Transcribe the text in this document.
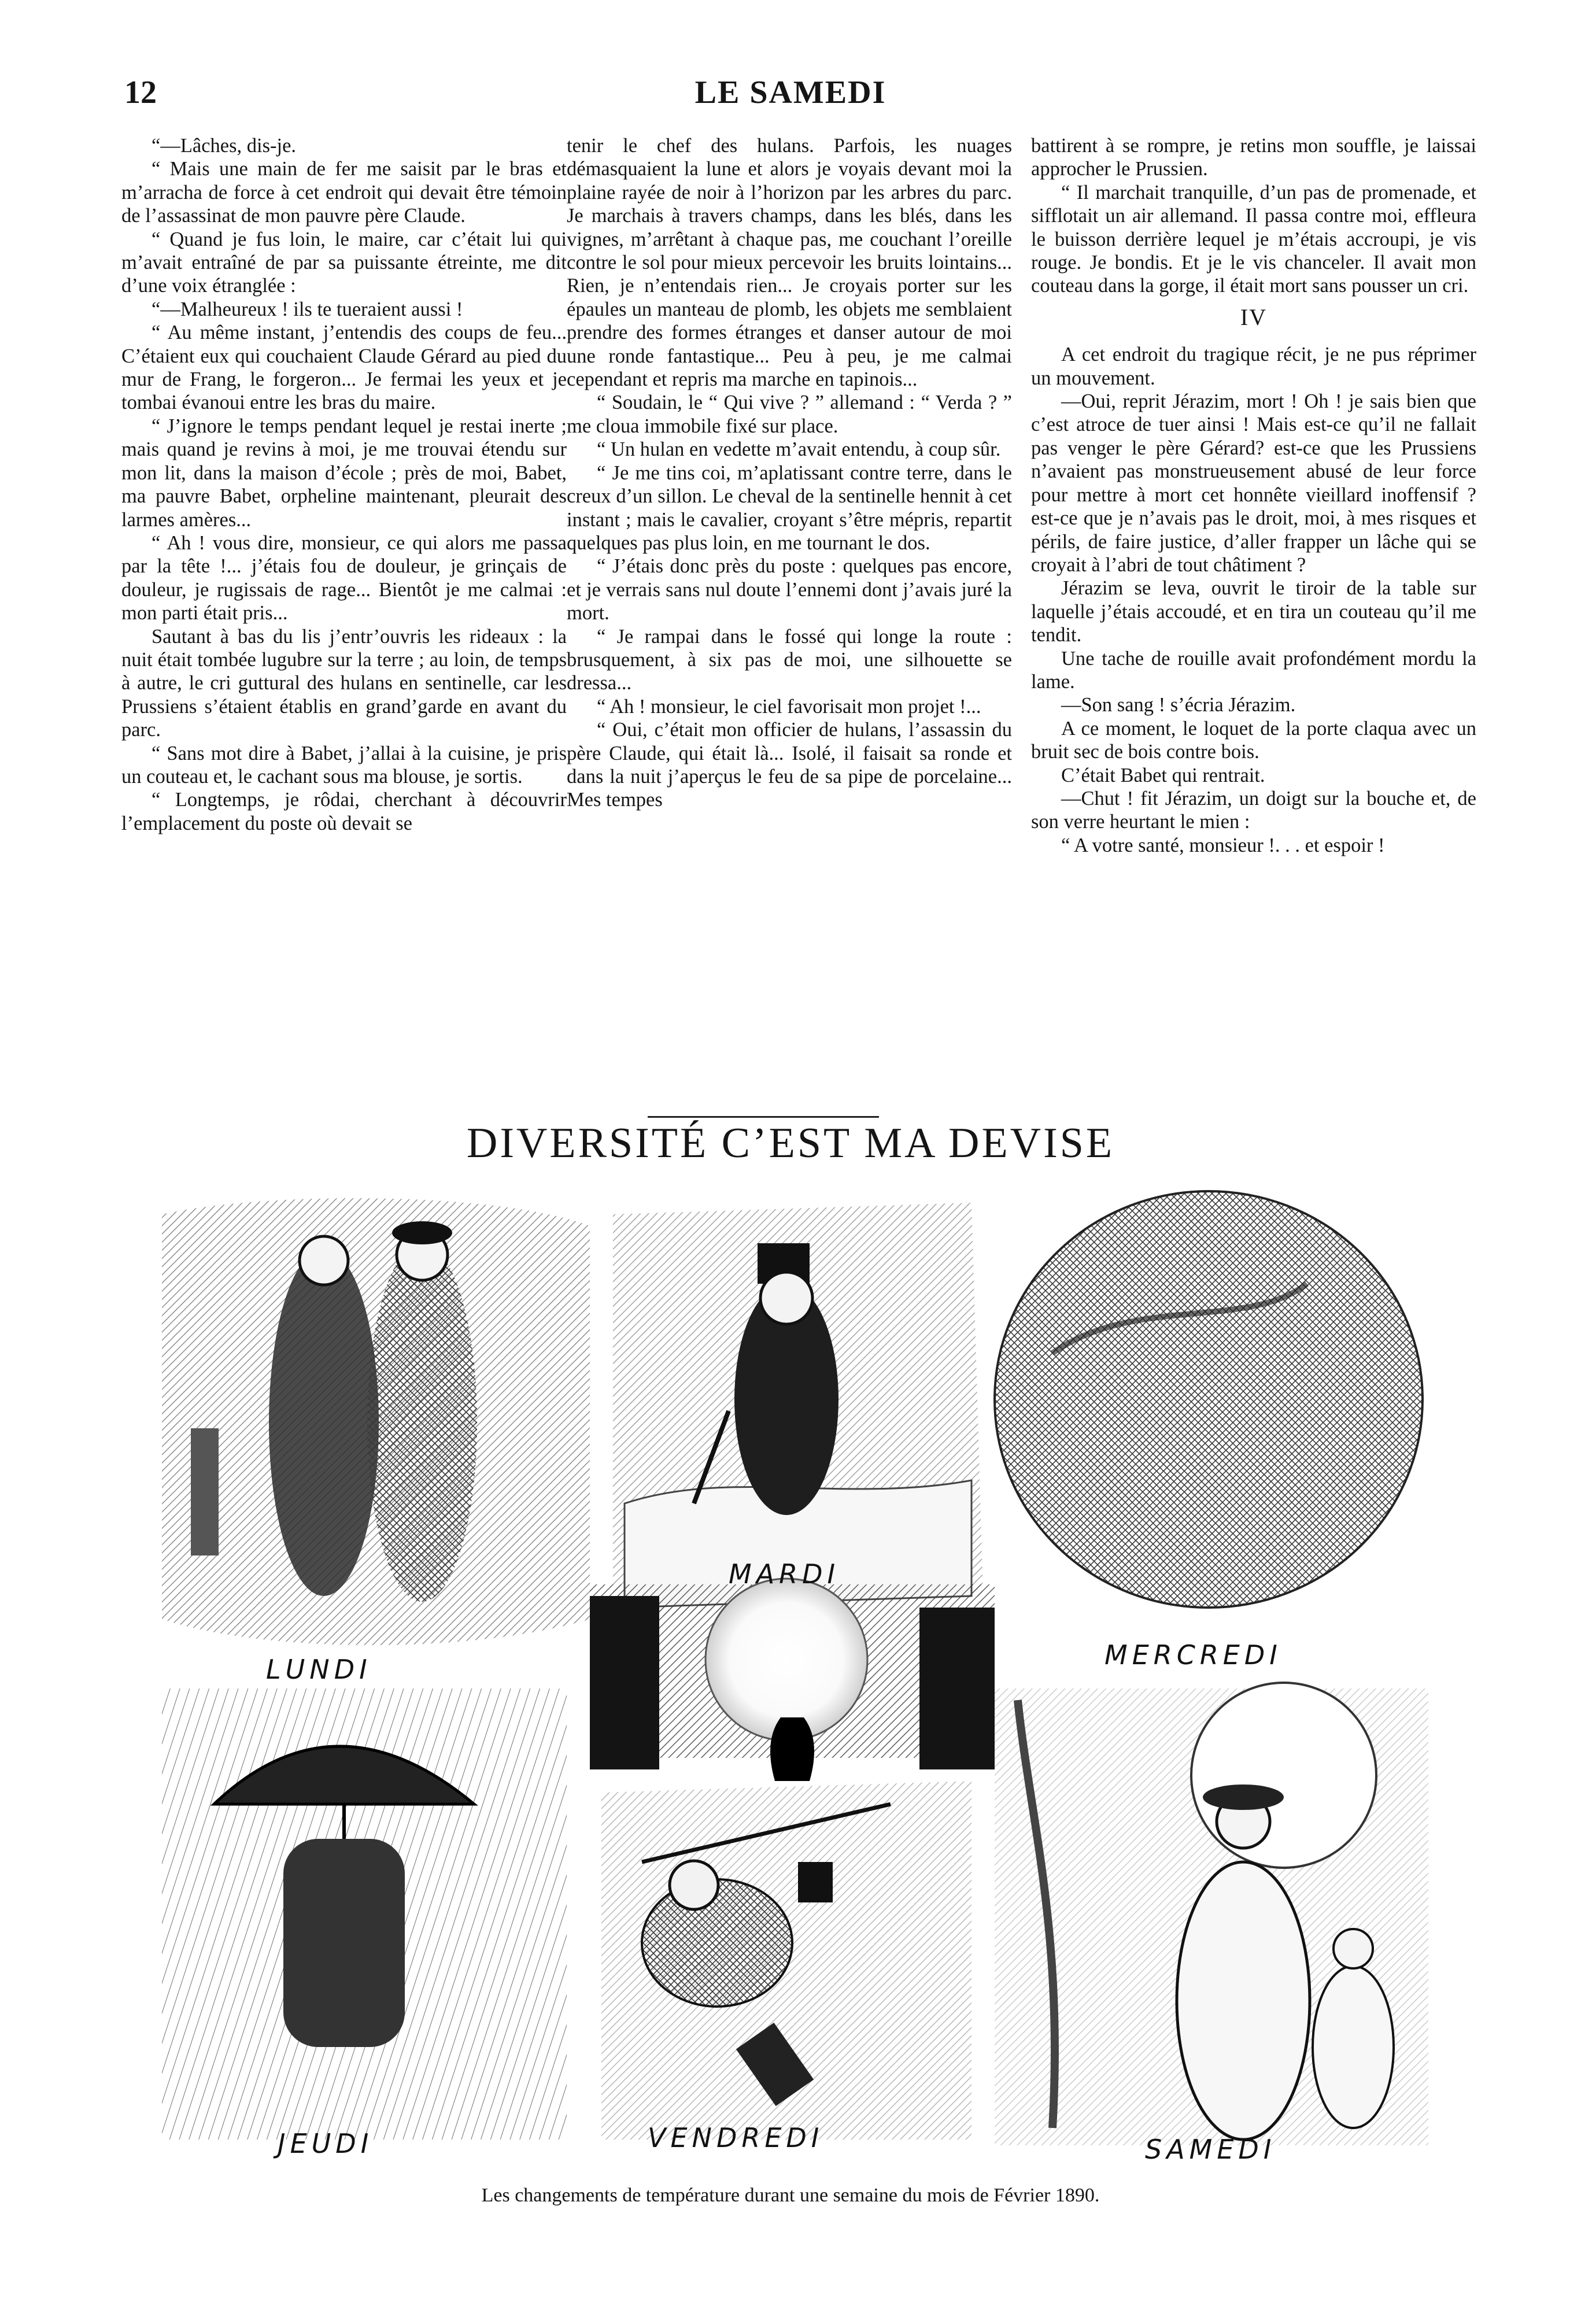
12	LE SAMEDI

“—Lâches, dis-je.

“ Mais une main de fer me saisit par le bras et m’arracha de force à cet endroit qui devait être témoin de l’assassinat de mon pauvre père Claude.

“ Quand je fus loin, le maire, car c’était lui qui m’avait entraîné de par sa puissante étreinte, me dit d’une voix étranglée :

“—Malheureux ! ils te tueraient aussi !

“ Au même instant, j’entendis des coups de feu... C’étaient eux qui couchaient Claude Gérard au pied du mur de Frang, le forgeron... Je fermai les yeux et je tombai évanoui entre les bras du maire.

“ J’ignore le temps pendant lequel je restai inerte ; mais quand je revins à moi, je me trouvai étendu sur mon lit, dans la maison d’école ; près de moi, Babet, ma pauvre Babet, orpheline maintenant, pleurait des larmes amères...

“ Ah ! vous dire, monsieur, ce qui alors me passa par la tête !... j’étais fou de douleur, je grinçais de douleur, je rugissais de rage... Bientôt je me calmai : mon parti était pris...

Sautant à bas du lis j’entr’ouvris les rideaux : la nuit était tombée lugubre sur la terre ; au loin, de temps à autre, le cri guttural des hulans en sentinelle, car les Prussiens s’étaient établis en grand’garde en avant du parc.

“ Sans mot dire à Babet, j’allai à la cuisine, je pris un couteau et, le cachant sous ma blouse, je sortis.

“ Longtemps, je rôdai, cherchant à découvrir l’emplacement du poste où devait se

tenir le chef des hulans. Parfois, les nuages démasquaient la lune et alors je voyais devant moi la plaine rayée de noir à l’horizon par les arbres du parc. Je marchais à travers champs, dans les blés, dans les vignes, m’arrêtant à chaque pas, me couchant l’oreille contre le sol pour mieux percevoir les bruits lointains... Rien, je n’entendais rien... Je croyais porter sur les épaules un manteau de plomb, les objets me semblaient prendre des formes étranges et danser autour de moi une ronde fantastique... Peu à peu, je me calmai cependant et repris ma marche en tapinois...

“ Soudain, le “ Qui vive ? ” allemand : “ Verda ? ” me cloua immobile fixé sur place.

“ Un hulan en vedette m’avait entendu, à coup sûr.

“ Je me tins coi, m’aplatissant contre terre, dans le creux d’un sillon. Le cheval de la sentinelle hennit à cet instant ; mais le cavalier, croyant s’être mépris, repartit quelques pas plus loin, en me tournant le dos.

“ J’étais donc près du poste : quelques pas encore, et je verrais sans nul doute l’ennemi dont j’avais juré la mort.

“ Je rampai dans le fossé qui longe la route : brusquement, à six pas de moi, une silhouette se dressa...

“ Ah ! monsieur, le ciel favorisait mon projet !...

“ Oui, c’était mon officier de hulans, l’assassin du père Claude, qui était là... Isolé, il faisait sa ronde et dans la nuit j’aperçus le feu de sa pipe de porcelaine... Mes tempes

battirent à se rompre, je retins mon souffle, je laissai approcher le Prussien.

“ Il marchait tranquille, d’un pas de promenade, et sifflotait un air allemand. Il passa contre moi, effleura le buisson derrière lequel je m’étais accroupi, je vis rouge. Je bondis. Et je le vis chanceler. Il avait mon couteau dans la gorge, il était mort sans pousser un cri.

IV

A cet endroit du tragique récit, je ne pus réprimer un mouvement.

—Oui, reprit Jérazim, mort ! Oh ! je sais bien que c’est atroce de tuer ainsi ! Mais est-ce qu’il ne fallait pas venger le père Gérard? est-ce que les Prussiens n’avaient pas monstrueusement abusé de leur force pour mettre à mort cet honnête vieillard inoffensif ? est-ce que je n’avais pas le droit, moi, à mes risques et périls, de faire justice, d’aller frapper un lâche qui se croyait à l’abri de tout châtiment ?

Jérazim se leva, ouvrit le tiroir de la table sur laquelle j’étais accoudé, et en tira un couteau qu’il me tendit.

Une tache de rouille avait profondément mordu la lame.

—Son sang ! s’écria Jérazim.

A ce moment, le loquet de la porte claqua avec un bruit sec de bois contre bois.

C’était Babet qui rentrait.

—Chut ! fit Jérazim, un doigt sur la bouche et, de son verre heurtant le mien :

“ A votre santé, monsieur !. . . et espoir !

DIVERSITÉ C’EST MA DEVISE
LUNDI
MARDI
MERCREDI
JEUDI	VENDREDI	SAMEDI
Les changements de température durant une semaine du mois de Février 1890.
